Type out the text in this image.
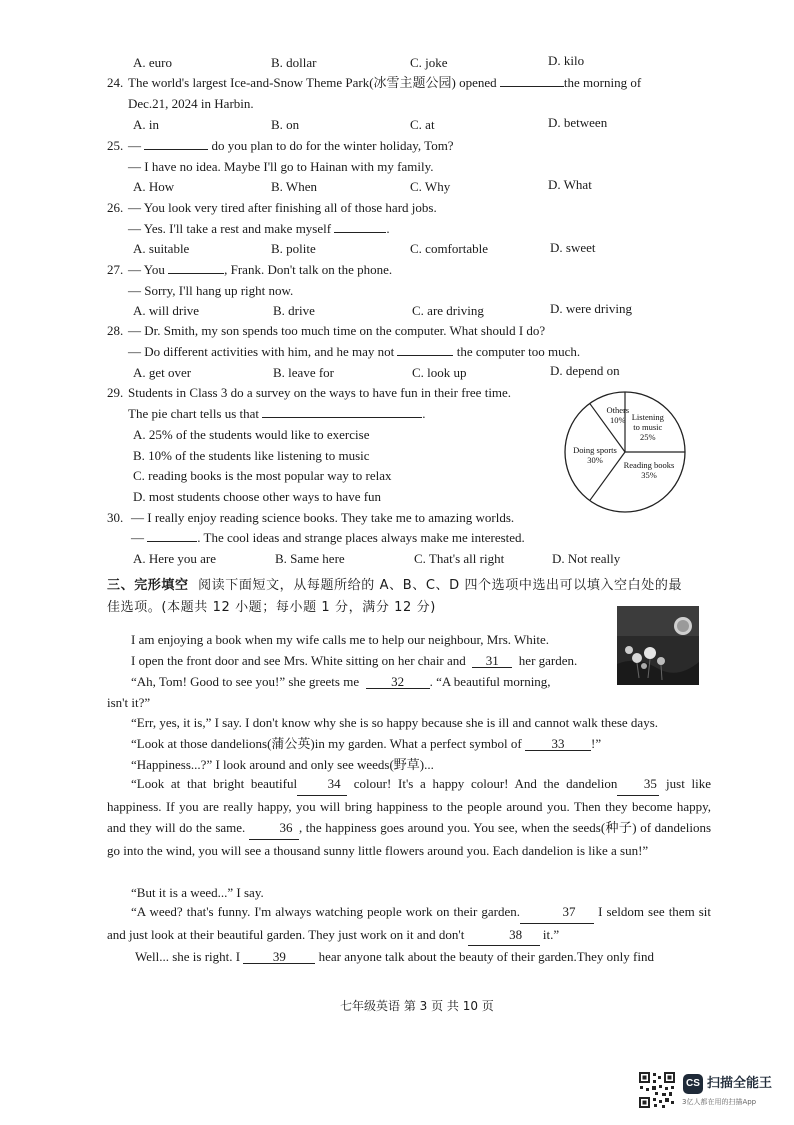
A. euro	B. dollar	C. joke	D. kilo
24. The world's largest Ice-and-Snow Theme Park(冰雪主题公园) opened	the morning of
Dec.21, 2024 in Harbin.
A. in	B. on	C. at	D. between
25. —	do you plan to do for the winter holiday, Tom?
— I have no idea. Maybe I'll go to Hainan with my family.
A. How	B. When	C. Why	D. What
26. — You look very tired after finishing all of those hard jobs.
— Yes. I'll take a rest and make myself	.
A. suitable	B. polite	C. comfortable	D. sweet
27. — You	, Frank. Don't talk on the phone.
— Sorry, I'll hang up right now.
A. will drive	B. drive	C. are driving	D. were driving
28. — Dr. Smith, my son spends too much time on the computer. What should I do?
— Do different activities with him, and he may not	the computer too much.
A. get over	B. leave for	C. look up	D. depend on
29. Students in Class 3 do a survey on the ways to have fun in their free time.
The pie chart tells us that	.
A. 25% of the students would like to exercise
B. 10% of the students like listening to music
C. reading books is the most popular way to relax
D. most students choose other ways to have fun
Others
10% Listening
to music
25%
Reading books
35%
Doing sports
30%
30. — I really enjoy reading science books. They take me to amazing worlds.
—	. The cool ideas and strange places always make me interested.
A. Here you are	B. Same here	C. That's all right	D. Not really
三、完形填空 阅读下面短文，从每题所给的 A、B、C、D 四个选项中选出可以填入空白处的最
佳选项。(本题共 12 小题；每小题 1 分，满分 12 分)
I am enjoying a book when my wife calls me to help our neighbour, Mrs. White.
I open the front door and see Mrs. White sitting on her chair and 31 her garden.
“Ah, Tom! Good to see you!” she greets me 32 . “A beautiful morning,
isn't it?”
“Err, yes, it is,” I say. I don't know why she is so happy because she is ill and cannot walk these days.
“Look at those dandelions(蒲公英)in my garden. What a perfect symbol of 33 !”
“Happiness...?” I look around and only see weeds(野草)...
“Look at that bright beautiful 34 colour! It's a happy colour! And the dandelion 35 just like happiness. If you are really happy, you will bring happiness to the people around you. Then they become happy, and they will do the same.	36 , the happiness goes around you. You see, when the seeds(种子) of dandelions go into the wind, you will see a thousand sunny little flowers around you. Each dandelion is like a sun!”
“But it is a weed...” I say.
“A weed? that's funny. I'm always watching people work on their garden.	37 I seldom see them sit and just look at their beautiful garden. They just work on it and don't	38 it.”
Well... she is right. I	39	hear anyone talk about the beauty of their garden.They only find
七年级英语 第 3 页 共 10 页
CS 扫描全能王
3亿人都在用的扫描App
